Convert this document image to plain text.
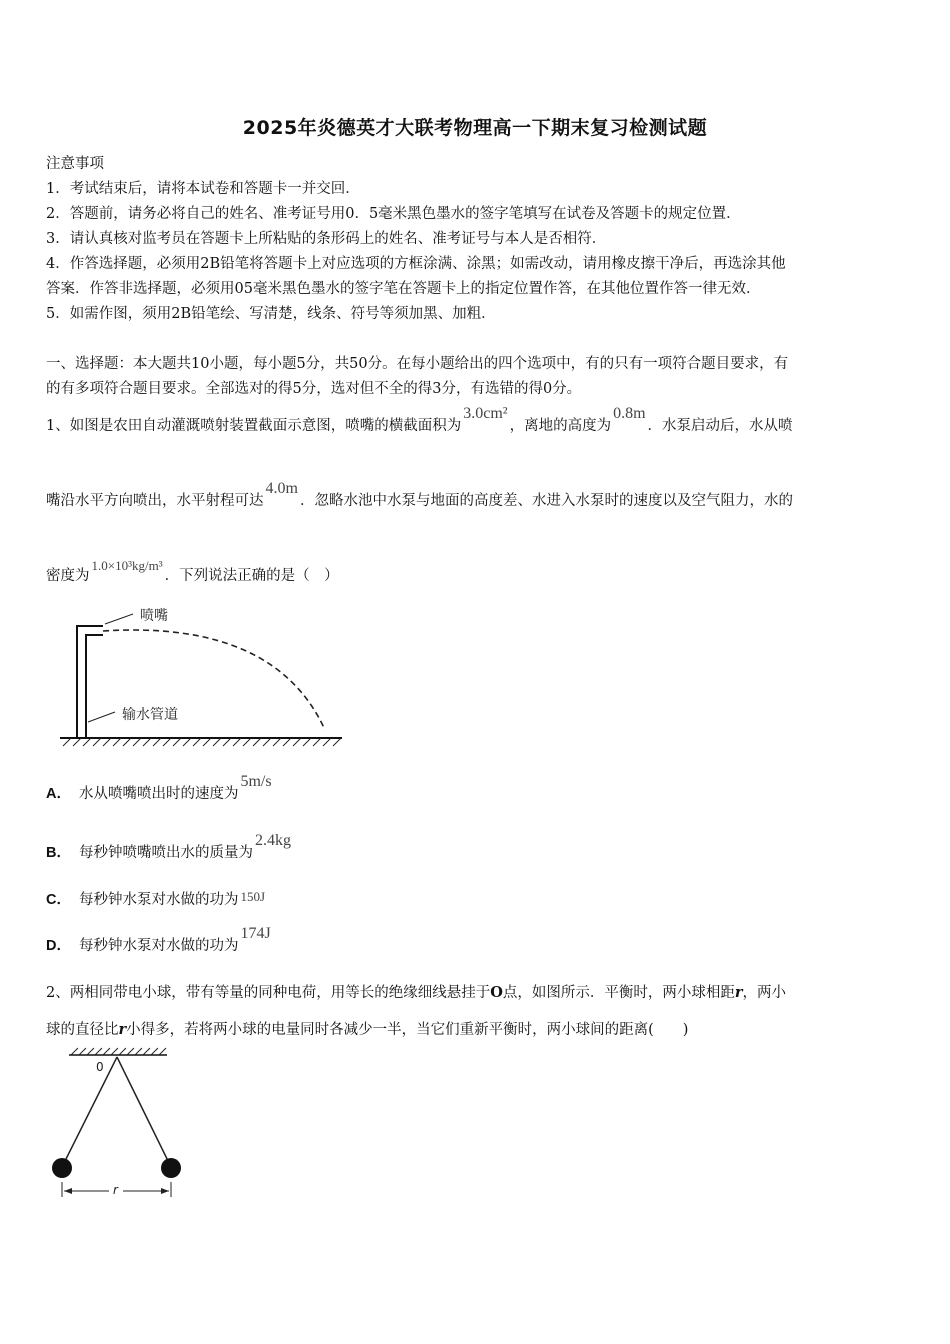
2025年炎德英才大联考物理高一下期末复习检测试题
注意事项
1．考试结束后，请将本试卷和答题卡一并交回．
2．答题前，请务必将自己的姓名、准考证号用0．5毫米黑色墨水的签字笔填写在试卷及答题卡的规定位置．
3．请认真核对监考员在答题卡上所粘贴的条形码上的姓名、准考证号与本人是否相符．
4．作答选择题，必须用2B铅笔将答题卡上对应选项的方框涂满、涂黑；如需改动，请用橡皮擦干净后，再选涂其他
答案．作答非选择题，必须用05毫米黑色墨水的签字笔在答题卡上的指定位置作答，在其他位置作答一律无效．
5．如需作图，须用2B铅笔绘、写清楚，线条、符号等须加黑、加粗．
一、选择题：本大题共10小题，每小题5分，共50分。在每小题给出的四个选项中，有的只有一项符合题目要求，有
的有多项符合题目要求。全部选对的得5分，选对但不全的得3分，有选错的得0分。
1、如图是农田自动灌溉喷射装置截面示意图，喷嘴的横截面积为3.0cm²，离地的高度为0.8m．水泵启动后，水从喷
嘴沿水平方向喷出，水平射程可达4.0m．忽略水池中水泵与地面的高度差、水进入水泵时的速度以及空气阻力，水的
密度为1.0×10³kg/m³．下列说法正确的是（　）
喷嘴
输水管道
A． 水从喷嘴喷出时的速度为5m/s
B． 每秒钟喷嘴喷出水的质量为2.4kg
C． 每秒钟水泵对水做的功为 150J
D． 每秒钟水泵对水做的功为174J
2、两相同带电小球，带有等量的同种电荷，用等长的绝缘细线悬挂于O点，如图所示．平衡时，两小球相距r，两小
球的直径比r小得多，若将两小球的电量同时各减少一半，当它们重新平衡时，两小球间的距离(　　)
0
r
